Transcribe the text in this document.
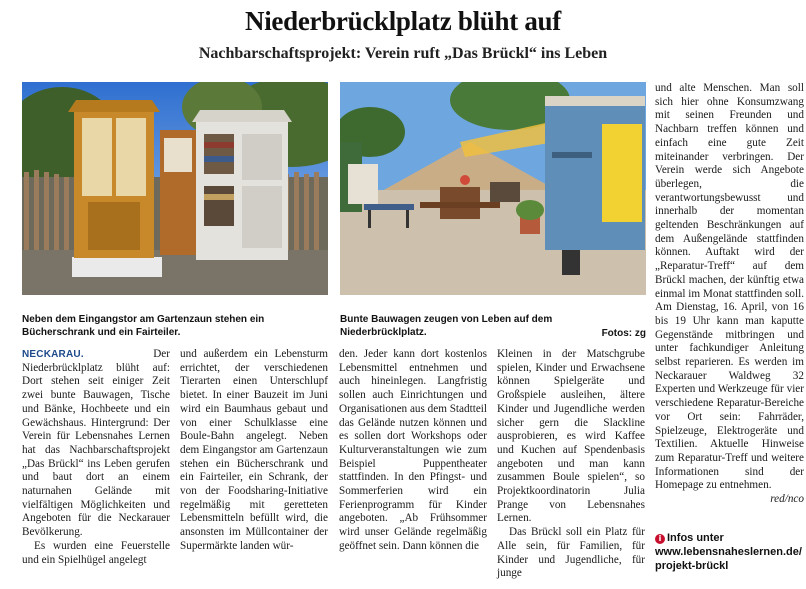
Niederbrücklplatz blüht auf
Nachbarschaftsprojekt: Verein ruft „Das Brückl“ ins Leben
Neben dem Eingangstor am Gartenzaun stehen ein Bücherschrank und ein Fairteiler.
Bunte Bauwagen zeugen von Leben auf dem Niederbrücklplatz.	Fotos: zg

NECKARAU. Der Niederbrücklplatz blüht auf: Dort stehen seit einiger Zeit zwei bunte Bauwagen, Tische und Bänke, Hochbeete und ein Gewächshaus. Hintergrund: Der Verein für Lebensnahes Lernen hat das Nachbarschaftsprojekt „Das Brückl“ ins Leben gerufen und baut dort an einem naturnahen Gelände mit vielfältigen Möglichkeiten und Angeboten für die Neckarauer Bevölkerung.

Es wurden eine Feuerstelle und ein Spielhügel angelegt

und außerdem ein Lebensturm errichtet, der verschiedenen Tierarten einen Unterschlupf bietet. In einer Bauzeit im Juni wird ein Baumhaus gebaut und von einer Schulklasse eine Boule-Bahn angelegt. Neben dem Eingangstor am Gartenzaun stehen ein Bücherschrank und ein Fairteiler, ein Schrank, der von der Foodsharing-Initiative regelmäßig mit geretteten Lebensmitteln befüllt wird, die ansonsten im Müllcontainer der Supermärkte landen wür-

den. Jeder kann dort kostenlos Lebensmittel entnehmen und auch hineinlegen. Langfristig sollen auch Einrichtungen und Organisationen aus dem Stadtteil das Gelände nutzen können und es sollen dort Workshops oder Kulturveranstaltungen wie zum Beispiel Puppentheater stattfinden. In den Pfingst- und Sommerferien wird ein Ferienprogramm für Kinder angeboten. „Ab Frühsommer wird unser Gelände regelmäßig geöffnet sein. Dann können die

Kleinen in der Matschgrube spielen, Kinder und Erwachsene können Spielgeräte und Großspiele ausleihen, ältere Kinder und Jugendliche werden sicher gern die Slackline ausprobieren, es wird Kaffee und Kuchen auf Spendenbasis angeboten und man kann zusammen Boule spielen“, so Projektkoordinatorin Julia Prange von Lebensnahes Lernen.

Das Brückl soll ein Platz für Alle sein, für Familien, für Kinder und Jugendliche, für junge

und alte Menschen. Man soll sich hier ohne Konsumzwang mit seinen Freunden und Nachbarn treffen können und einfach eine gute Zeit miteinander verbringen. Der Verein werde sich Angebote überlegen, die verantwortungsbewusst und innerhalb der momentan geltenden Beschränkungen auf dem Außengelände stattfinden können. Auftakt wird der „Reparatur-Treff“ auf dem Brückl machen, der künftig etwa einmal im Monat stattfinden soll. Am Dienstag, 16. April, von 16 bis 19 Uhr kann man kaputte Gegenstände mitbringen und unter fachkundiger Anleitung selbst reparieren. Es werden im Neckarauer Waldweg 32 Experten und Werkzeuge für vier verschiedene Reparatur-Bereiche vor Ort sein: Fahrräder, Spielzeuge, Elektrogeräte und Textilien. Aktuelle Hinweise zum Reparatur-Treff und weitere Informationen sind der Homepage zu entnehmen.

red/nco

i Infos unter
www.lebensnaheslernen.de/
projekt-brückl
